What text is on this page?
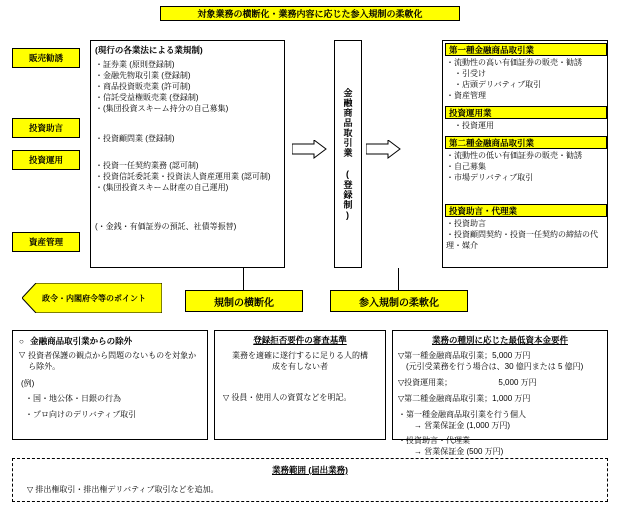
対象業務の横断化・業務内容に応じた参入規制の柔軟化
販売勧誘
投資助言
投資運用
資産管理
(現行の各業法による業規制)
・証券業 (原則登録制)
・金融先物取引業 (登録制)
・商品投資販売業 (許可制)
・信託受益権販売業 (登録制)
・(集団投資スキーム持分の自己募集)
・投資顧問業 (登録制)
・投資一任契約業務 (認可制)
・投資信託委託業・投資法人資産運用業 (認可制)
・(集団投資スキーム財産の自己運用)
(・金銭・有価証券の預託、社債等振替)
金融商品取引業 (登録制)
第一種金融商品取引業
・流動性の高い有価証券の販売・勧誘
　・引受け
　・店頭デリバティブ取引
・資産管理
投資運用業
　・投資運用
第二種金融商品取引業
・流動性の低い有価証券の販売・勧誘
・自己募集
・市場デリバティブ取引
投資助言・代理業
・投資助言
・投資顧問契約・投資一任契約の締結の代理・媒介
政令・内閣府令等のポイント	規制の横断化	参入規制の柔軟化
○ 金融商品取引業からの除外
▽ 投資者保護の観点から問題のないものを対象から除外。
(例)
・国・地公体・日銀の行為
・プロ向けのデリバティブ取引
登録拒否要件の審査基準
業務を適確に遂行するに足りる人的構成を有しない者
▽ 役員・使用人の資質などを明記。
業務の種別に応じた最低資本金要件
▽第一種金融商品取引業；5,000 万円
　(元引受業務を行う場合は、30 億円または 5 億円)
▽投資運用業；　　　　　　 5,000 万円
▽第二種金融商品取引業；1,000 万円
・第一種金融商品取引業を行う個人
　　→ 営業保証金 (1,000 万円)
・投資助言・代理業
　　→ 営業保証金 (500 万円)
業務範囲 (届出業務)
▽ 排出権取引・排出権デリバティブ取引などを追加。
